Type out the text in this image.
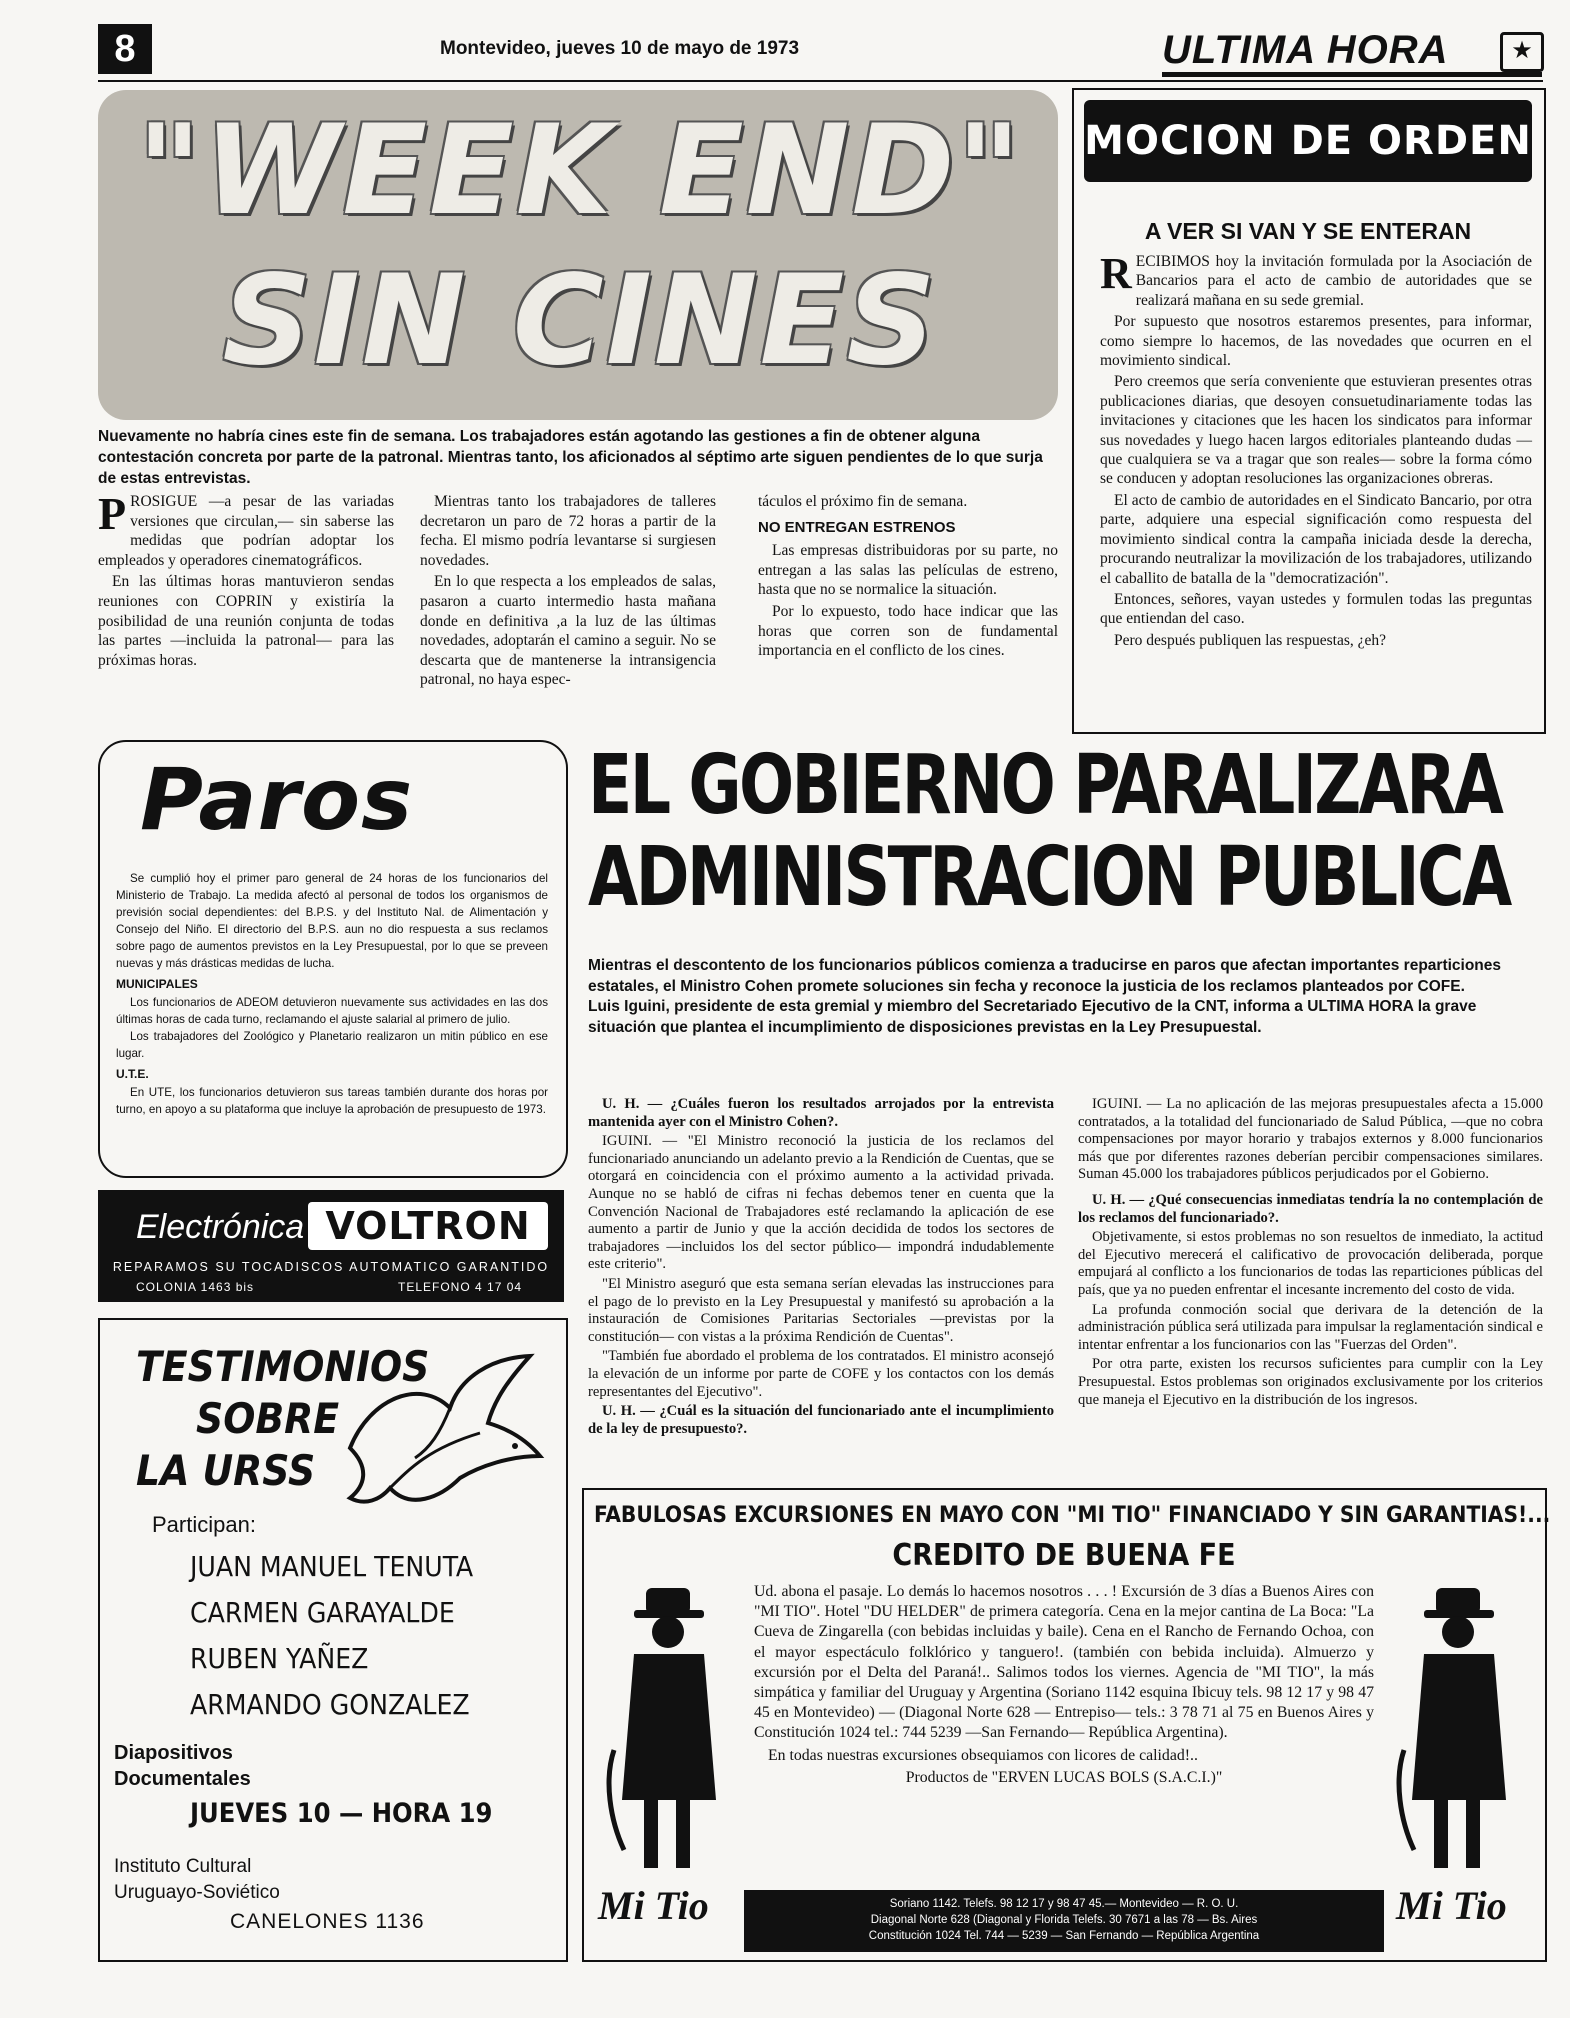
8	Montevideo, jueves 10 de mayo de 1973	ULTIMA HORA	★
"WEEK END"
SIN CINES
Nuevamente no habría cines este fin de semana. Los trabajadores están agotando las gestiones a fin de obtener alguna contestación concreta por parte de la patronal. Mientras tanto, los aficionados al séptimo arte siguen pendientes de lo que surja de estas entrevistas.
P ROSIGUE —a pesar de las variadas versiones que circulan,— sin saberse las medidas que podrían adoptar los empleados y operadores cinematográficos.

En las últimas horas mantuvieron sendas reuniones con COPRIN y existiría la posibilidad de una reunión conjunta de todas las partes —incluida la patronal— para las próximas horas.

Mientras tanto los trabajadores de talleres decretaron un paro de 72 horas a partir de la fecha. El mismo podría levantarse si surgiesen novedades.

En lo que respecta a los empleados de salas, pasaron a cuarto intermedio hasta mañana donde en definitiva ,a la luz de las últimas novedades, adoptarán el camino a seguir. No se descarta que de mantenerse la intransigencia patronal, no haya espec-

táculos el próximo fin de semana.

NO ENTREGAN ESTRENOS

Las empresas distribuidoras por su parte, no entregan a las salas las películas de estreno, hasta que no se normalice la situación.

Por lo expuesto, todo hace indicar que las horas que corren son de fundamental importancia en el conflicto de los cines.

MOCION DE ORDEN
A VER SI VAN Y SE ENTERAN
R ECIBIMOS hoy la invitación formulada por la Asociación de Bancarios para el acto de cambio de autoridades que se realizará mañana en su sede gremial.

Por supuesto que nosotros estaremos presentes, para informar, como siempre lo hacemos, de las novedades que ocurren en el movimiento sindical.

Pero creemos que sería conveniente que estuvieran presentes otras publicaciones diarias, que desoyen consuetudinariamente todas las invitaciones y citaciones que les hacen los sindicatos para informar sus novedades y luego hacen largos editoriales planteando dudas —que cualquiera se va a tragar que son reales— sobre la forma cómo se conducen y adoptan resoluciones las organizaciones obreras.

El acto de cambio de autoridades en el Sindicato Bancario, por otra parte, adquiere una especial significación como respuesta del movimiento sindical contra la campaña iniciada desde la derecha, procurando neutralizar la movilización de los trabajadores, utilizando el caballito de batalla de la "democratización".

Entonces, señores, vayan ustedes y formulen todas las preguntas que entiendan del caso.

Pero después publiquen las respuestas, ¿eh?

Paros

Se cumplió hoy el primer paro general de 24 horas de los funcionarios del Ministerio de Trabajo. La medida afectó al personal de todos los organismos de previsión social dependientes: del B.P.S. y del Instituto Nal. de Alimentación y Consejo del Niño. El directorio del B.P.S. aun no dio respuesta a sus reclamos sobre pago de aumentos previstos en la Ley Presupuestal, por lo que se preveen nuevas y más drásticas medidas de lucha.

MUNICIPALES

Los funcionarios de ADEOM detuvieron nuevamente sus actividades en las dos últimas horas de cada turno, reclamando el ajuste salarial al primero de julio.

Los trabajadores del Zoológico y Planetario realizaron un mitin público en ese lugar.

U.T.E.

En UTE, los funcionarios detuvieron sus tareas también durante dos horas por turno, en apoyo a su plataforma que incluye la aprobación de presupuesto de 1973.

EL GOBIERNO PARALIZARA
ADMINISTRACION PUBLICA
Mientras el descontento de los funcionarios públicos comienza a traducirse en paros que afectan importantes reparticiones estatales, el Ministro Cohen promete soluciones sin fecha y reconoce la justicia de los reclamos planteados por COFE.
Luis Iguini, presidente de esta gremial y miembro del Secretariado Ejecutivo de la CNT, informa a ULTIMA HORA la grave situación que plantea el incumplimiento de disposiciones previstas en la Ley Presupuestal.

U. H. — ¿Cuáles fueron los resultados arrojados por la entrevista mantenida ayer con el Ministro Cohen?.

IGUINI. — "El Ministro reconoció la justicia de los reclamos del funcionariado anunciando un adelanto previo a la Rendición de Cuentas, que se otorgará en coincidencia con el próximo aumento a la actividad privada. Aunque no se habló de cifras ni fechas debemos tener en cuenta que la Convención Nacional de Trabajadores esté reclamando la aplicación de ese aumento a partir de Junio y que la acción decidida de todos los sectores de trabajadores —incluidos los del sector público— impondrá indudablemente este criterio".

"El Ministro aseguró que esta semana serían elevadas las instrucciones para el pago de lo previsto en la Ley Presupuestal y manifestó su aprobación a la instauración de Comisiones Paritarias Sectoriales —previstas por la constitución— con vistas a la próxima Rendición de Cuentas".

"También fue abordado el problema de los contratados. El ministro aconsejó la elevación de un informe por parte de COFE y los contactos con los demás representantes del Ejecutivo".

U. H. — ¿Cuál es la situación del funcionariado ante el incumplimiento de la ley de presupuesto?.

IGUINI. — La no aplicación de las mejoras presupuestales afecta a 15.000 contratados, a la totalidad del funcionariado de Salud Pública, —que no cobra compensaciones por mayor horario y trabajos externos y 8.000 funcionarios más que por diferentes razones deberían percibir compensaciones similares. Suman 45.000 los trabajadores públicos perjudicados por el Gobierno.

U. H. — ¿Qué consecuencias inmediatas tendría la no contemplación de los reclamos del funcionariado?.

Objetivamente, si estos problemas no son resueltos de inmediato, la actitud del Ejecutivo merecerá el calificativo de provocación deliberada, porque empujará al conflicto a los funcionarios de todas las reparticiones públicas del país, que ya no pueden enfrentar el incesante incremento del costo de vida.

La profunda conmoción social que derivara de la detención de la administración pública será utilizada para impulsar la reglamentación sindical e intentar enfrentar a los funcionarios con las "Fuerzas del Orden".

Por otra parte, existen los recursos suficientes para cumplir con la Ley Presupuestal. Estos problemas son originados exclusivamente por los criterios que maneja el Ejecutivo en la distribución de los ingresos.

Electrónica VOLTRON
REPARAMOS SU TOCADISCOS AUTOMATICO GARANTIDO
COLONIA 1463 bis	TELEFONO 4 17 04
TESTIMONIOS
SOBRE
LA URSS
Participan:
JUAN MANUEL TENUTA
CARMEN GARAYALDE
RUBEN YAÑEZ
ARMANDO GONZALEZ
Diapositivos
Documentales
JUEVES 10 — HORA 19
Instituto Cultural
Uruguayo-Soviético
CANELONES 1136
FABULOSAS EXCURSIONES EN MAYO CON "MI TIO" FINANCIADO Y SIN GARANTIAS!...
CREDITO DE BUENA FE

Ud. abona el pasaje. Lo demás lo hacemos nosotros . . . ! Excursión de 3 días a Buenos Aires con "MI TIO". Hotel "DU HELDER" de primera categoría. Cena en la mejor cantina de La Boca: "La Cueva de Zingarella (con bebidas incluidas y baile). Cena en el Rancho de Fernando Ochoa, con el mayor espectáculo folklórico y tanguero!. (también con bebida incluida). Almuerzo y excursión por el Delta del Paraná!.. Salimos todos los viernes. Agencia de "MI TIO", la más simpática y familiar del Uruguay y Argentina (Soriano 1142 esquina Ibicuy tels. 98 12 17 y 98 47 45 en Montevideo) — (Diagonal Norte 628 — Entrepiso— tels.: 3 78 71 al 75 en Buenos Aires y Constitución 1024 tel.: 744 5239 —San Fernando— República Argentina).

En todas nuestras excursiones obsequiamos con licores de calidad!..

Productos de "ERVEN LUCAS BOLS (S.A.C.I.)"

Mi Tio	Mi Tio
Soriano 1142. Telefs. 98 12 17 y 98 47 45.— Montevideo — R. O. U.
Diagonal Norte 628 (Diagonal y Florida Telefs. 30 7671 a las 78 — Bs. Aires
Constitución 1024 Tel. 744 — 5239 — San Fernando — República Argentina
